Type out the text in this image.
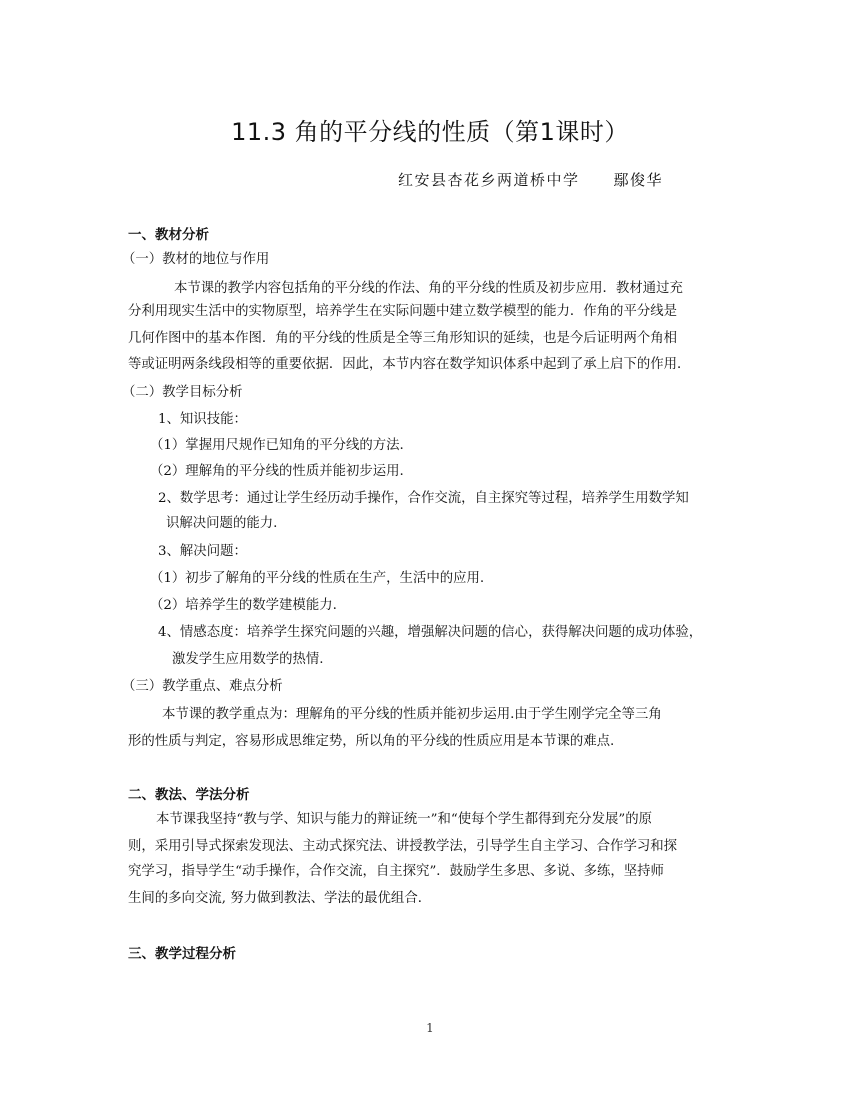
11.3 角的平分线的性质（第1课时）
红安县杏花乡两道桥中学 鄢俊华
一、教材分析
（一）教材的地位与作用
本节课的教学内容包括角的平分线的作法、角的平分线的性质及初步应用．教材通过充
分利用现实生活中的实物原型，培养学生在实际问题中建立数学模型的能力．作角的平分线是
几何作图中的基本作图．角的平分线的性质是全等三角形知识的延续，也是今后证明两个角相
等或证明两条线段相等的重要依据．因此，本节内容在数学知识体系中起到了承上启下的作用．
（二）教学目标分析
1、知识技能：
（1）掌握用尺规作已知角的平分线的方法.
（2）理解角的平分线的性质并能初步运用.
2、数学思考：通过让学生经历动手操作，合作交流，自主探究等过程，培养学生用数学知
识解决问题的能力.
3、解决问题：
（1）初步了解角的平分线的性质在生产，生活中的应用.
（2）培养学生的数学建模能力.
4、情感态度：培养学生探究问题的兴趣，增强解决问题的信心，获得解决问题的成功体验，
激发学生应用数学的热情.
（三）教学重点、难点分析
本节课的教学重点为：理解角的平分线的性质并能初步运用.由于学生刚学完全等三角
形的性质与判定，容易形成思维定势，所以角的平分线的性质应用是本节课的难点.
二、教法、学法分析
本节课我坚持“教与学、知识与能力的辩证统一”和“使每个学生都得到充分发展”的原
则，采用引导式探索发现法、主动式探究法、讲授教学法，引导学生自主学习、合作学习和探
究学习，指导学生“动手操作，合作交流，自主探究”．鼓励学生多思、多说、多练，坚持师
生间的多向交流, 努力做到教法、学法的最优组合．
三、教学过程分析
1
